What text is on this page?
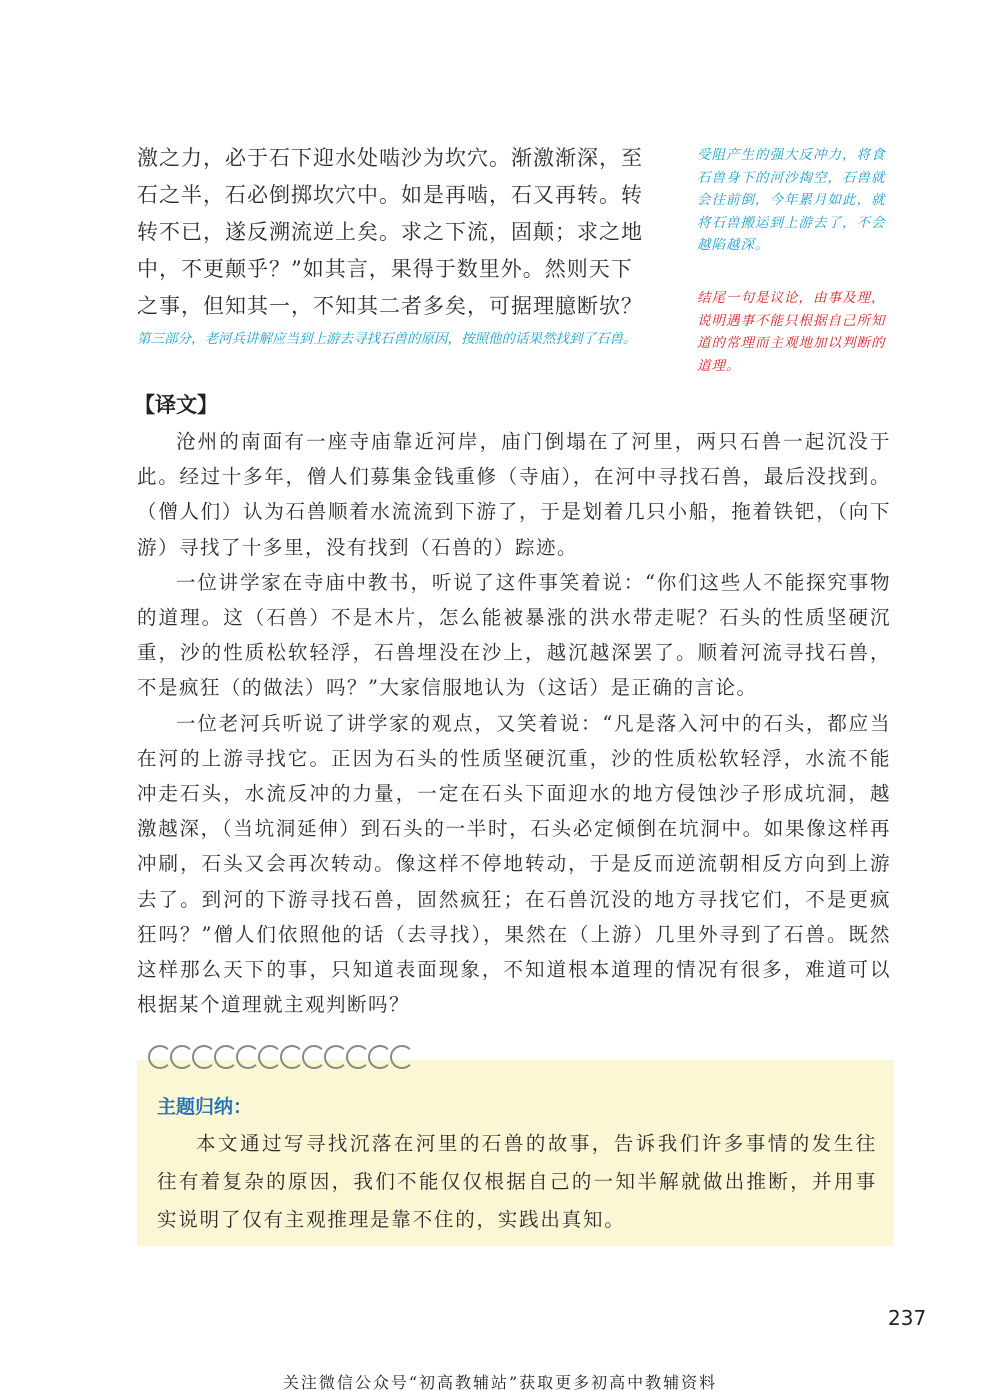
激之力，必于石下迎水处啮沙为坎穴。渐激渐深，至

石之半，石必倒掷坎穴中。如是再啮，石又再转。转

转不已，遂反溯流逆上矣。求之下流，固颠；求之地

中，不更颠乎？”如其言，果得于数里外。然则天下

之事，但知其一，不知其二者多矣，可据理臆断欤？

第三部分，老河兵讲解应当到上游去寻找石兽的原因，按照他的话果然找到了石兽。
受阻产生的强大反冲力，将食石兽身下的河沙掏空，石兽就会往前倒，今年累月如此，就将石兽搬运到上游去了，不会越陷越深。
结尾一句是议论，由事及理，说明遇事不能只根据自己所知道的常理而主观地加以判断的道理。
【译文】

沧州的南面有一座寺庙靠近河岸，庙门倒塌在了河里，两只石兽一起沉没于此。经过十多年，僧人们募集金钱重修（寺庙），在河中寻找石兽，最后没找到。（僧人们）认为石兽顺着水流流到下游了，于是划着几只小船，拖着铁钯，（向下游）寻找了十多里，没有找到（石兽的）踪迹。

一位讲学家在寺庙中教书，听说了这件事笑着说：“你们这些人不能探究事物的道理。这（石兽）不是木片，怎么能被暴涨的洪水带走呢？石头的性质坚硬沉重，沙的性质松软轻浮，石兽埋没在沙上，越沉越深罢了。顺着河流寻找石兽，不是疯狂（的做法）吗？”大家信服地认为（这话）是正确的言论。

一位老河兵听说了讲学家的观点，又笑着说：“凡是落入河中的石头，都应当在河的上游寻找它。正因为石头的性质坚硬沉重，沙的性质松软轻浮，水流不能冲走石头，水流反冲的力量，一定在石头下面迎水的地方侵蚀沙子形成坑洞，越激越深，（当坑洞延伸）到石头的一半时，石头必定倾倒在坑洞中。如果像这样再冲刷，石头又会再次转动。像这样不停地转动，于是反而逆流朝相反方向到上游去了。到河的下游寻找石兽，固然疯狂；在石兽沉没的地方寻找它们，不是更疯狂吗？”僧人们依照他的话（去寻找），果然在（上游）几里外寻到了石兽。既然这样那么天下的事，只知道表面现象，不知道根本道理的情况有很多，难道可以根据某个道理就主观判断吗？

主题归纳：

本文通过写寻找沉落在河里的石兽的故事，告诉我们许多事情的发生往往有着复杂的原因，我们不能仅仅根据自己的一知半解就做出推断，并用事实说明了仅有主观推理是靠不住的，实践出真知。

237
关注微信公众号“初高教辅站”获取更多初高中教辅资料
